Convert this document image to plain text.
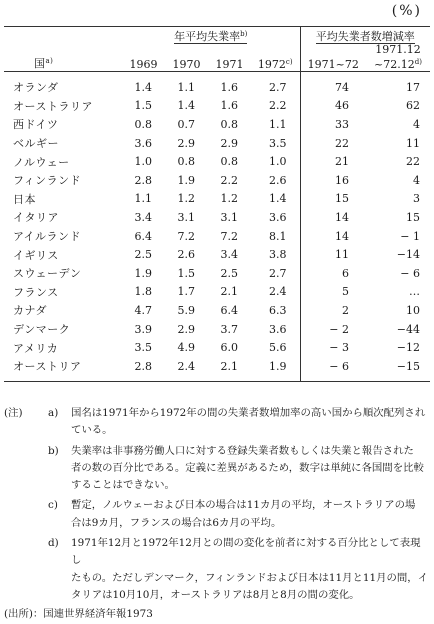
(%)
	年平均失業率$^{b)}$				平均失業者数増減率	
国$^{a)}$	1969	1970	1971	1972$^{c)}$	1971~72	1971.12
~72.12$^{d)}$

オランダ	1.4	1.1	1.6	2.7	74	17
オーストラリア	1.5	1.4	1.6	2.2	46	62
西ドイツ	0.8	0.7	0.8	1.1	33	4
ベルギー	3.6	2.9	2.9	3.5	22	11
ノルウェー	1.0	0.8	0.8	1.0	21	22
フィンランド	2.8	1.9	2.2	2.6	16	4
日本	1.1	1.2	1.2	1.4	15	3
イタリア	3.4	3.1	3.1	3.6	14	15
アイルランド	6.4	7.2	7.2	8.1	14	− 1
イギリス	2.5	2.6	3.4	3.8	11	−14
スウェーデン	1.9	1.5	2.5	2.7	6	− 6
フランス	1.8	1.7	2.1	2.4	5	…
カナダ	4.7	5.9	6.4	6.3	2	10
デンマーク	3.9	2.9	3.7	3.6	− 2	−44
アメリカ	3.5	4.9	6.0	5.6	− 3	−12
オーストリア	2.8	2.4	2.1	1.9	− 6	−15

(注)	a) 国名は1971年から1972年の間の失業者数増加率の高い国から順次配列され
ている。
b) 失業率は非事務労働人口に対する登録失業者数もしくは失業と報告された
者の数の百分比である。定義に差異があるため，数字は単純に各国間を比較
することはできない。
c) 暫定，ノルウェーおよび日本の場合は11カ月の平均，オーストラリアの場
合は9カ月，フランスの場合は6カ月の平均。
d) 1971年12月と1972年12月との間の変化を前者に対する百分比として表現し
たもの。ただしデンマーク，フィンランドおよび日本は11月と11月の間，イ
タリアは10月10月，オーストラリアは8月と8月の間の変化。
(出所)：国連世界経済年報1973
